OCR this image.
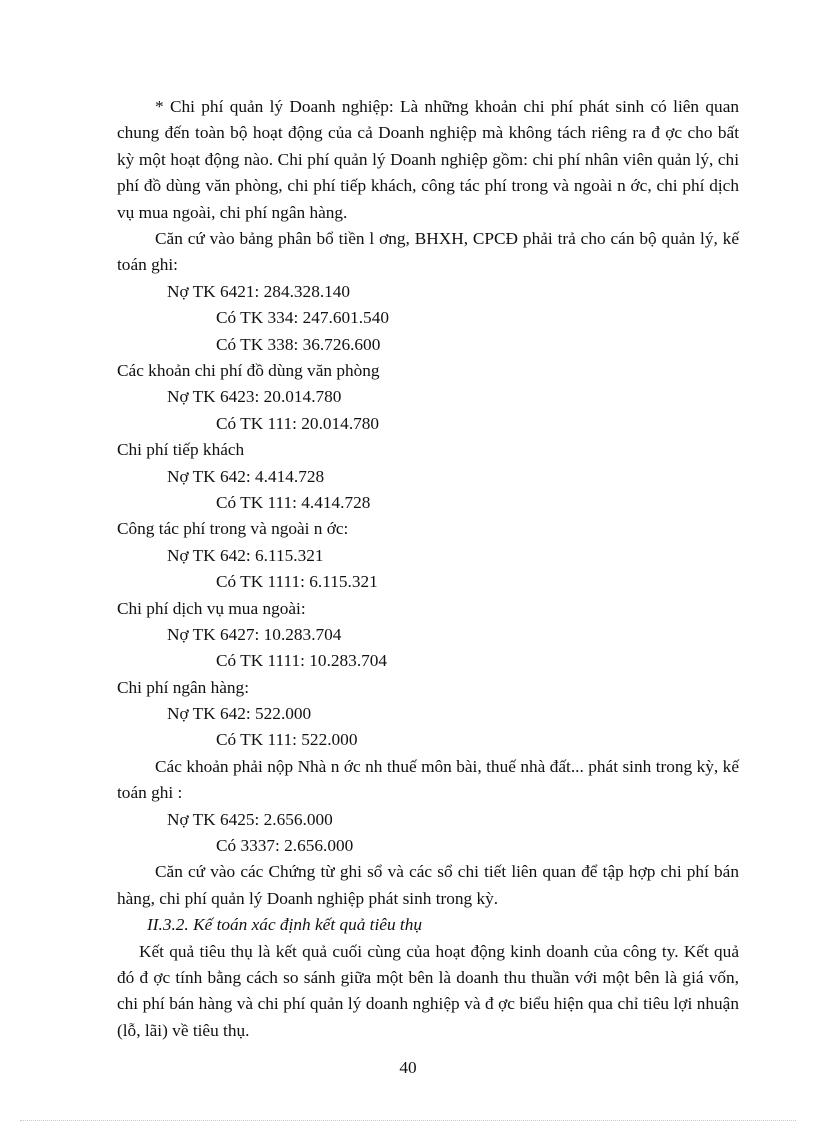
* Chi phí quản lý Doanh nghiệp: Là những khoản chi phí phát sinh có liên quan chung đến toàn bộ hoạt động của cả Doanh nghiệp mà không tách riêng ra đ ợc cho bất kỳ một hoạt động nào. Chi phí quản lý Doanh nghiệp gồm: chi phí nhân viên quản lý, chi phí đồ dùng văn phòng, chi phí tiếp khách, công tác phí trong và ngoài n ớc, chi phí dịch vụ mua ngoài, chi phí ngân hàng.

Căn cứ vào bảng phân bổ tiền l ơng, BHXH, CPCĐ phải trả cho cán bộ quản lý, kế toán ghi:

Nợ TK 6421: 284.328.140
Có TK 334: 247.601.540
Có TK 338: 36.726.600
Các khoản chi phí đồ dùng văn phòng
Nợ TK 6423: 20.014.780
Có TK 111: 20.014.780
Chi phí tiếp khách
Nợ TK 642: 4.414.728
Có TK 111: 4.414.728
Công tác phí trong và ngoài n ớc:
Nợ TK 642: 6.115.321
Có TK 1111: 6.115.321
Chi phí dịch vụ mua ngoài:
Nợ TK 6427: 10.283.704
Có TK 1111: 10.283.704
Chi phí ngân hàng:
Nợ TK 642: 522.000
Có TK 111: 522.000

Các khoản phải nộp Nhà n ớc nh thuế môn bài, thuế nhà đất... phát sinh trong kỳ, kế toán ghi :

Nợ TK 6425: 2.656.000
Có 3337: 2.656.000

Căn cứ vào các Chứng từ ghi sổ và các sổ chi tiết liên quan để tập hợp chi phí bán hàng, chi phí quản lý Doanh nghiệp phát sinh trong kỳ.

II.3.2. Kế toán xác định kết quả tiêu thụ

Kết quả tiêu thụ là kết quả cuối cùng của hoạt động kinh doanh của công ty. Kết quả đó đ ợc tính bằng cách so sánh giữa một bên là doanh thu thuần với một bên là giá vốn, chi phí bán hàng và chi phí quản lý doanh nghiệp và đ ợc biểu hiện qua chỉ tiêu lợi nhuận (lỗ, lãi) về tiêu thụ.

40
